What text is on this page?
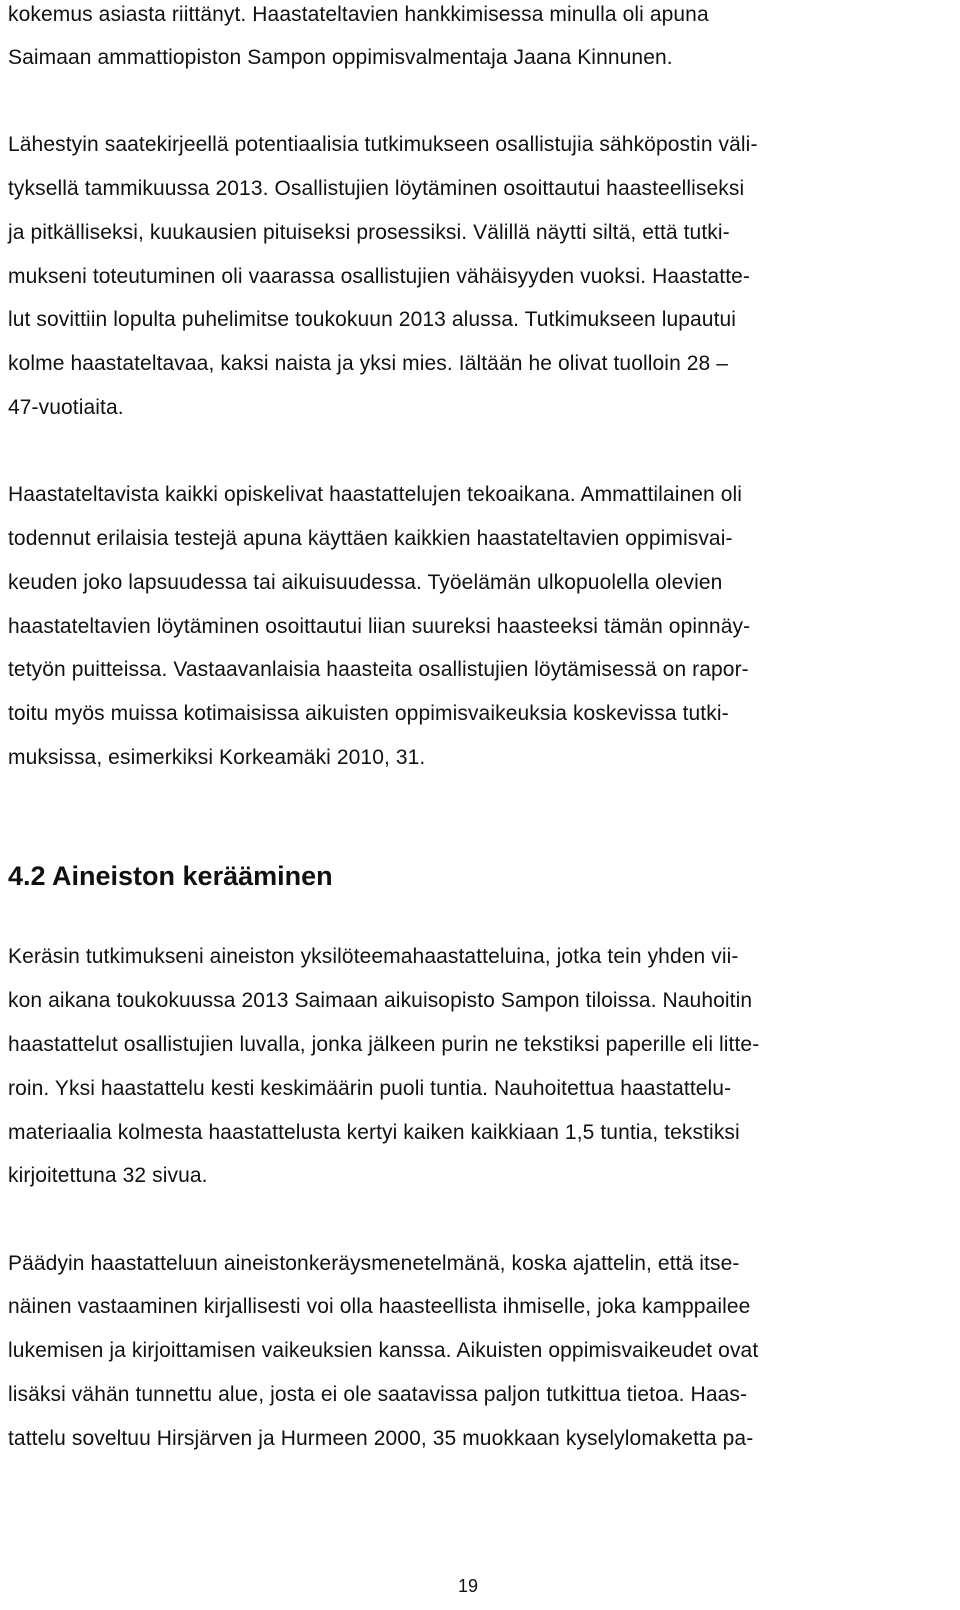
kokemus asiasta riittänyt. Haastateltavien hankkimisessa minulla oli apuna

Saimaan ammattiopiston Sampon oppimisvalmentaja Jaana Kinnunen.

Lähestyin saatekirjeellä potentiaalisia tutkimukseen osallistujia sähköpostin väli-

tyksellä tammikuussa 2013. Osallistujien löytäminen osoittautui haasteelliseksi

ja pitkälliseksi, kuukausien pituiseksi prosessiksi. Välillä näytti siltä, että tutki-

mukseni toteutuminen oli vaarassa osallistujien vähäisyyden vuoksi. Haastatte-

lut sovittiin lopulta puhelimitse toukokuun 2013 alussa. Tutkimukseen lupautui

kolme haastateltavaa, kaksi naista ja yksi mies. Iältään he olivat tuolloin 28 –

47-vuotiaita.

Haastateltavista kaikki opiskelivat haastattelujen tekoaikana. Ammattilainen oli

todennut erilaisia testejä apuna käyttäen kaikkien haastateltavien oppimisvai-

keuden joko lapsuudessa tai aikuisuudessa. Työelämän ulkopuolella olevien

haastateltavien löytäminen osoittautui liian suureksi haasteeksi tämän opinnäy-

tetyön puitteissa. Vastaavanlaisia haasteita osallistujien löytämisessä on rapor-

toitu myös muissa kotimaisissa aikuisten oppimisvaikeuksia koskevissa tutki-

muksissa, esimerkiksi Korkeamäki 2010, 31.

4.2 Aineiston kerääminen

Keräsin tutkimukseni aineiston yksilöteemahaastatteluina, jotka tein yhden vii-

kon aikana toukokuussa 2013 Saimaan aikuisopisto Sampon tiloissa. Nauhoitin

haastattelut osallistujien luvalla, jonka jälkeen purin ne tekstiksi paperille eli litte-

roin. Yksi haastattelu kesti keskimäärin puoli tuntia. Nauhoitettua haastattelu-

materiaalia kolmesta haastattelusta kertyi kaiken kaikkiaan 1,5 tuntia, tekstiksi

kirjoitettuna 32 sivua.

Päädyin haastatteluun aineistonkeräysmenetelmänä, koska ajattelin, että itse-

näinen vastaaminen kirjallisesti voi olla haasteellista ihmiselle, joka kamppailee

lukemisen ja kirjoittamisen vaikeuksien kanssa. Aikuisten oppimisvaikeudet ovat

lisäksi vähän tunnettu alue, josta ei ole saatavissa paljon tutkittua tietoa. Haas-

tattelu soveltuu Hirsjärven ja Hurmeen 2000, 35 muokkaan kyselylomaketta pa-

19
